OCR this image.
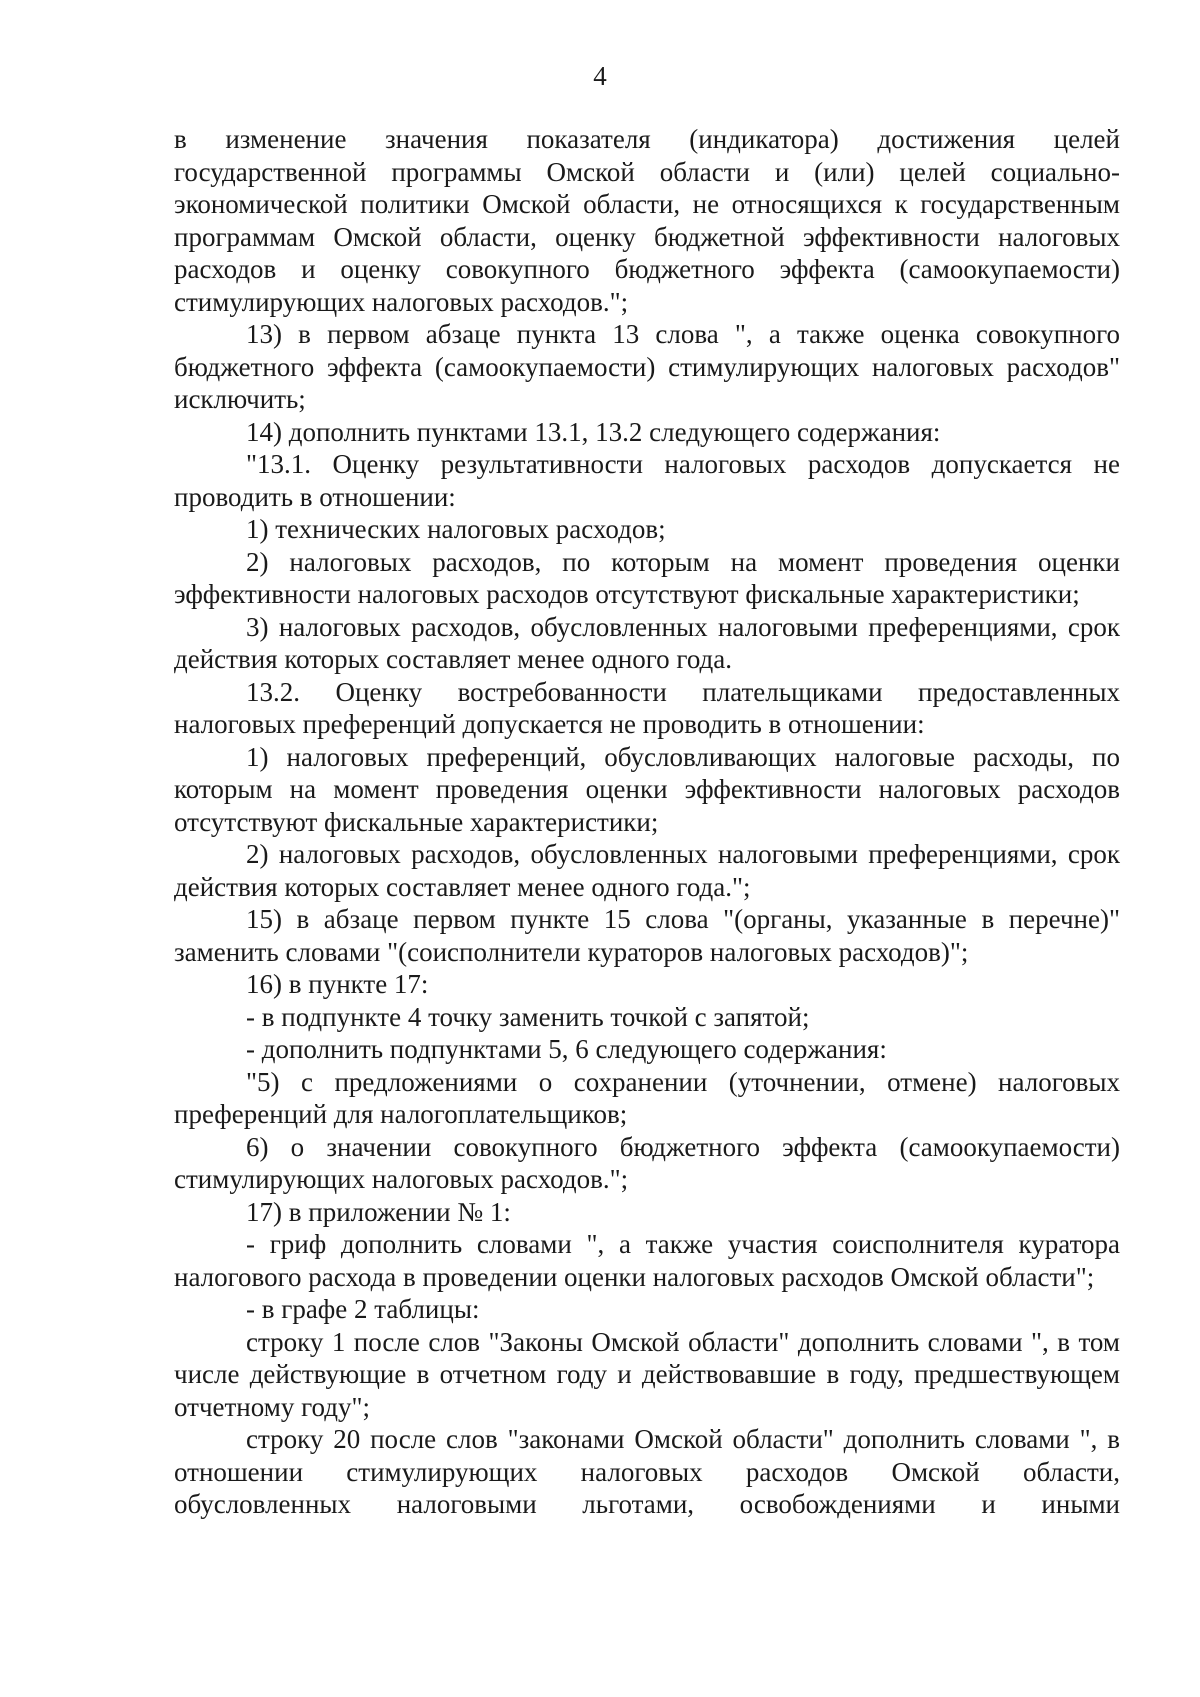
4

в изменение значения показателя (индикатора) достижения целей государственной программы Омской области и (или) целей социально-экономической политики Омской области, не относящихся к государственным программам Омской области, оценку бюджетной эффективности налоговых расходов и оценку совокупного бюджетного эффекта (самоокупаемости) стимулирующих налоговых расходов.";

13) в первом абзаце пункта 13 слова ", а также оценка совокупного бюджетного эффекта (самоокупаемости) стимулирующих налоговых расходов" исключить;

14) дополнить пунктами 13.1, 13.2 следующего содержания:

"13.1. Оценку результативности налоговых расходов допускается не проводить в отношении:

1) технических налоговых расходов;

2) налоговых расходов, по которым на момент проведения оценки эффективности налоговых расходов отсутствуют фискальные характеристики;

3) налоговых расходов, обусловленных налоговыми преференциями, срок действия которых составляет менее одного года.

13.2. Оценку востребованности плательщиками предоставленных налоговых преференций допускается не проводить в отношении:

1) налоговых преференций, обусловливающих налоговые расходы, по которым на момент проведения оценки эффективности налоговых расходов отсутствуют фискальные характеристики;

2) налоговых расходов, обусловленных налоговыми преференциями, срок действия которых составляет менее одного года.";

15) в абзаце первом пункте 15 слова "(органы, указанные в перечне)" заменить словами "(соисполнители кураторов налоговых расходов)";

16) в пункте 17:

- в подпункте 4 точку заменить точкой с запятой;

- дополнить подпунктами 5, 6 следующего содержания:

"5) с предложениями о сохранении (уточнении, отмене) налоговых преференций для налогоплательщиков;

6) о значении совокупного бюджетного эффекта (самоокупаемости) стимулирующих налоговых расходов.";

17) в приложении № 1:

- гриф дополнить словами ", а также участия соисполнителя куратора налогового расхода в проведении оценки налоговых расходов Омской области";

- в графе 2 таблицы:

строку 1 после слов "Законы Омской области" дополнить словами ", в том числе действующие в отчетном году и действовавшие в году, предшествующем отчетному году";

строку 20 после слов "законами Омской области" дополнить словами ", в отношении стимулирующих налоговых расходов Омской области, обусловленных налоговыми льготами, освобождениями и иными
